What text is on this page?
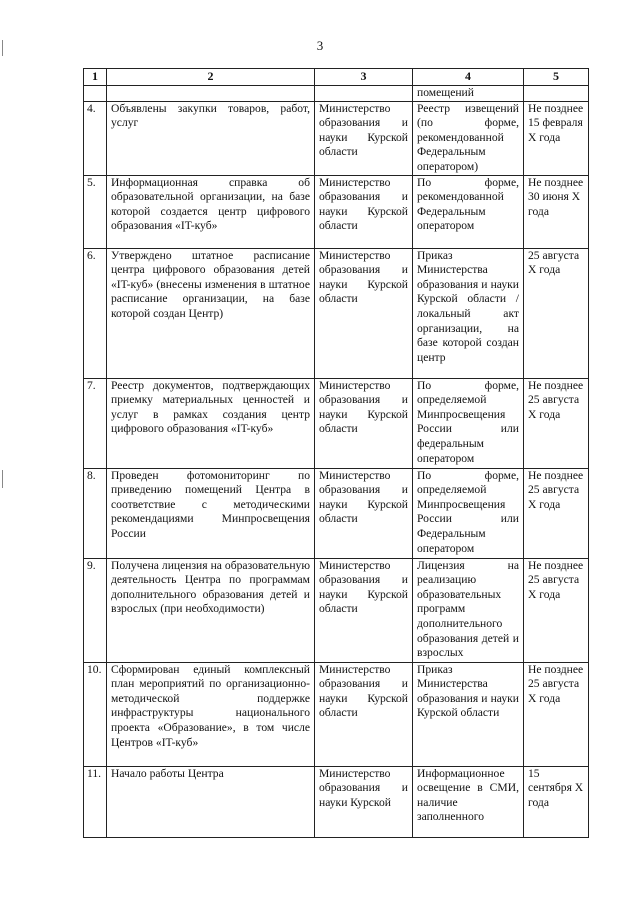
3
1	2	3	4	5
			помещений	
4.	Объявлены закупки товаров, работ, услуг	Министерство образования и науки Курской области	Реестр извещений (по форме, рекомендованной Федеральным оператором)	Не позднее 15 февраля X года
5.	Информационная справка об образовательной организации, на базе которой создается центр цифрового образования «IT-куб»	Министерство образования и науки Курской области	По форме, рекомендованной Федеральным оператором	Не позднее 30 июня X года
6.	Утверждено штатное расписание центра цифрового образования детей «IT-куб» (внесены изменения в штатное расписание организации, на базе которой создан Центр)	Министерство образования и науки Курской области	Приказ Министерства образования и науки Курской области / локальный акт организации, на базе которой создан центр	25 августа X года
7.	Реестр документов, подтверждающих приемку материальных ценностей и услуг в рамках создания центр цифрового образования «IT-куб»	Министерство образования и науки Курской области	По форме, определяемой Минпросвещения России или федеральным оператором	Не позднее 25 августа X года
8.	Проведен фотомониторинг по приведению помещений Центра в соответствие с методическими рекомендациями Минпросвещения России	Министерство образования и науки Курской области	По форме, определяемой Минпросвещения России или Федеральным оператором	Не позднее 25 августа X года
9.	Получена лицензия на образовательную деятельность Центра по программам дополнительного образования детей и взрослых (при необходимости)	Министерство образования и науки Курской области	Лицензия на реализацию образовательных программ дополнительного образования детей и взрослых	Не позднее 25 августа X года
10.	Сформирован единый комплексный план мероприятий по организационно-методической поддержке инфраструктуры национального проекта «Образование», в том числе Центров «IT-куб»	Министерство образования и науки Курской области	Приказ Министерства образования и науки Курской области	Не позднее 25 августа X года
11.	Начало работы Центра	Министерство образования и науки Курской	Информационное освещение в СМИ, наличие заполненного	15 сентября X года
